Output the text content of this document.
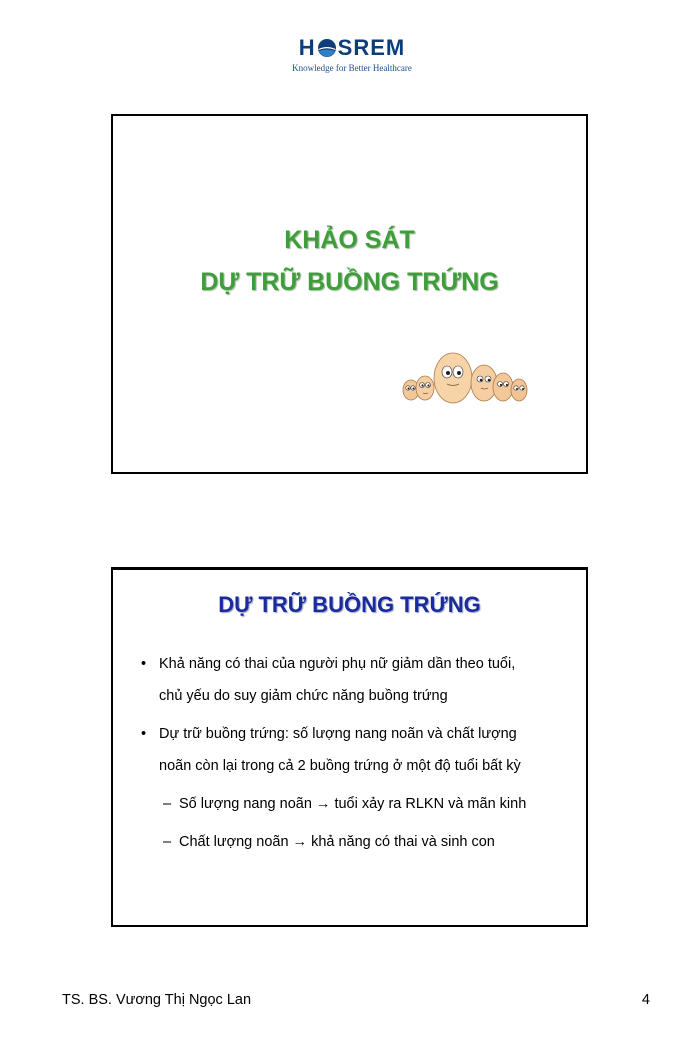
H SREM
Knowledge for Better Healthcare
KHẢO SÁT
DỰ TRỮ BUỒNG TRỨNG
DỰ TRỮ BUỒNG TRỨNG
• Khả năng có thai của người phụ nữ giảm dần theo tuổi,
chủ yếu do suy giảm chức năng buồng trứng
• Dự trữ buồng trứng: số lượng nang noãn và chất lượng
noãn còn lại trong cả 2 buồng trứng ở một độ tuổi bất kỳ
– Số lượng nang noãn → tuổi xảy ra RLKN và mãn kinh
– Chất lượng noãn → khả năng có thai và sinh con
TS. BS. Vương Thị Ngọc Lan	4
